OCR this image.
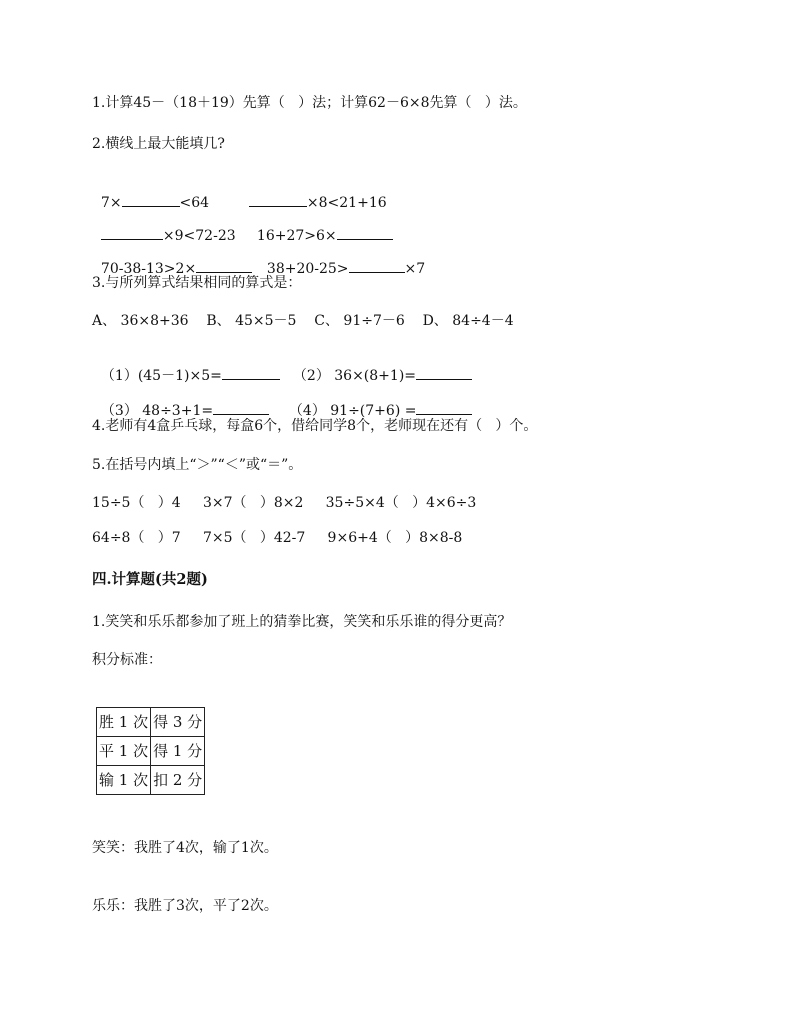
1.计算45－（18＋19）先算（   ）法；计算62－6×8先算（   ）法。
2.横线上最大能填几?

7×	<64	×8<21+16

×9<72-23	16+27>6×

70-38-13>2×	38+20-25>	×7

3.与所列算式结果相同的算式是：
A、 36×8+36    B、 45×5－5    C、 91÷7－6    D、 84÷4－4

（1）(45－1)×5=	（2） 36×(8+1)=

（3） 48÷3+1=	（4） 91÷(7+6) =

4.老师有4盒乒乓球，每盒6个，借给同学8个，老师现在还有（   ）个。
5.在括号内填上“＞”“＜”或“＝”。
15÷5（   ）4     3×7（   ）8×2     35÷5×4（   ）4×6÷3
64÷8（   ）7     7×5（   ）42-7     9×6+4（   ）8×8-8
四.计算题(共2题)
1.笑笑和乐乐都参加了班上的猜拳比赛，笑笑和乐乐谁的得分更高？
积分标准：
胜 1 次	得 3 分
平 1 次	得 1 分
输 1 次	扣 2 分
笑笑：我胜了4次，输了1次。
乐乐：我胜了3次，平了2次。
